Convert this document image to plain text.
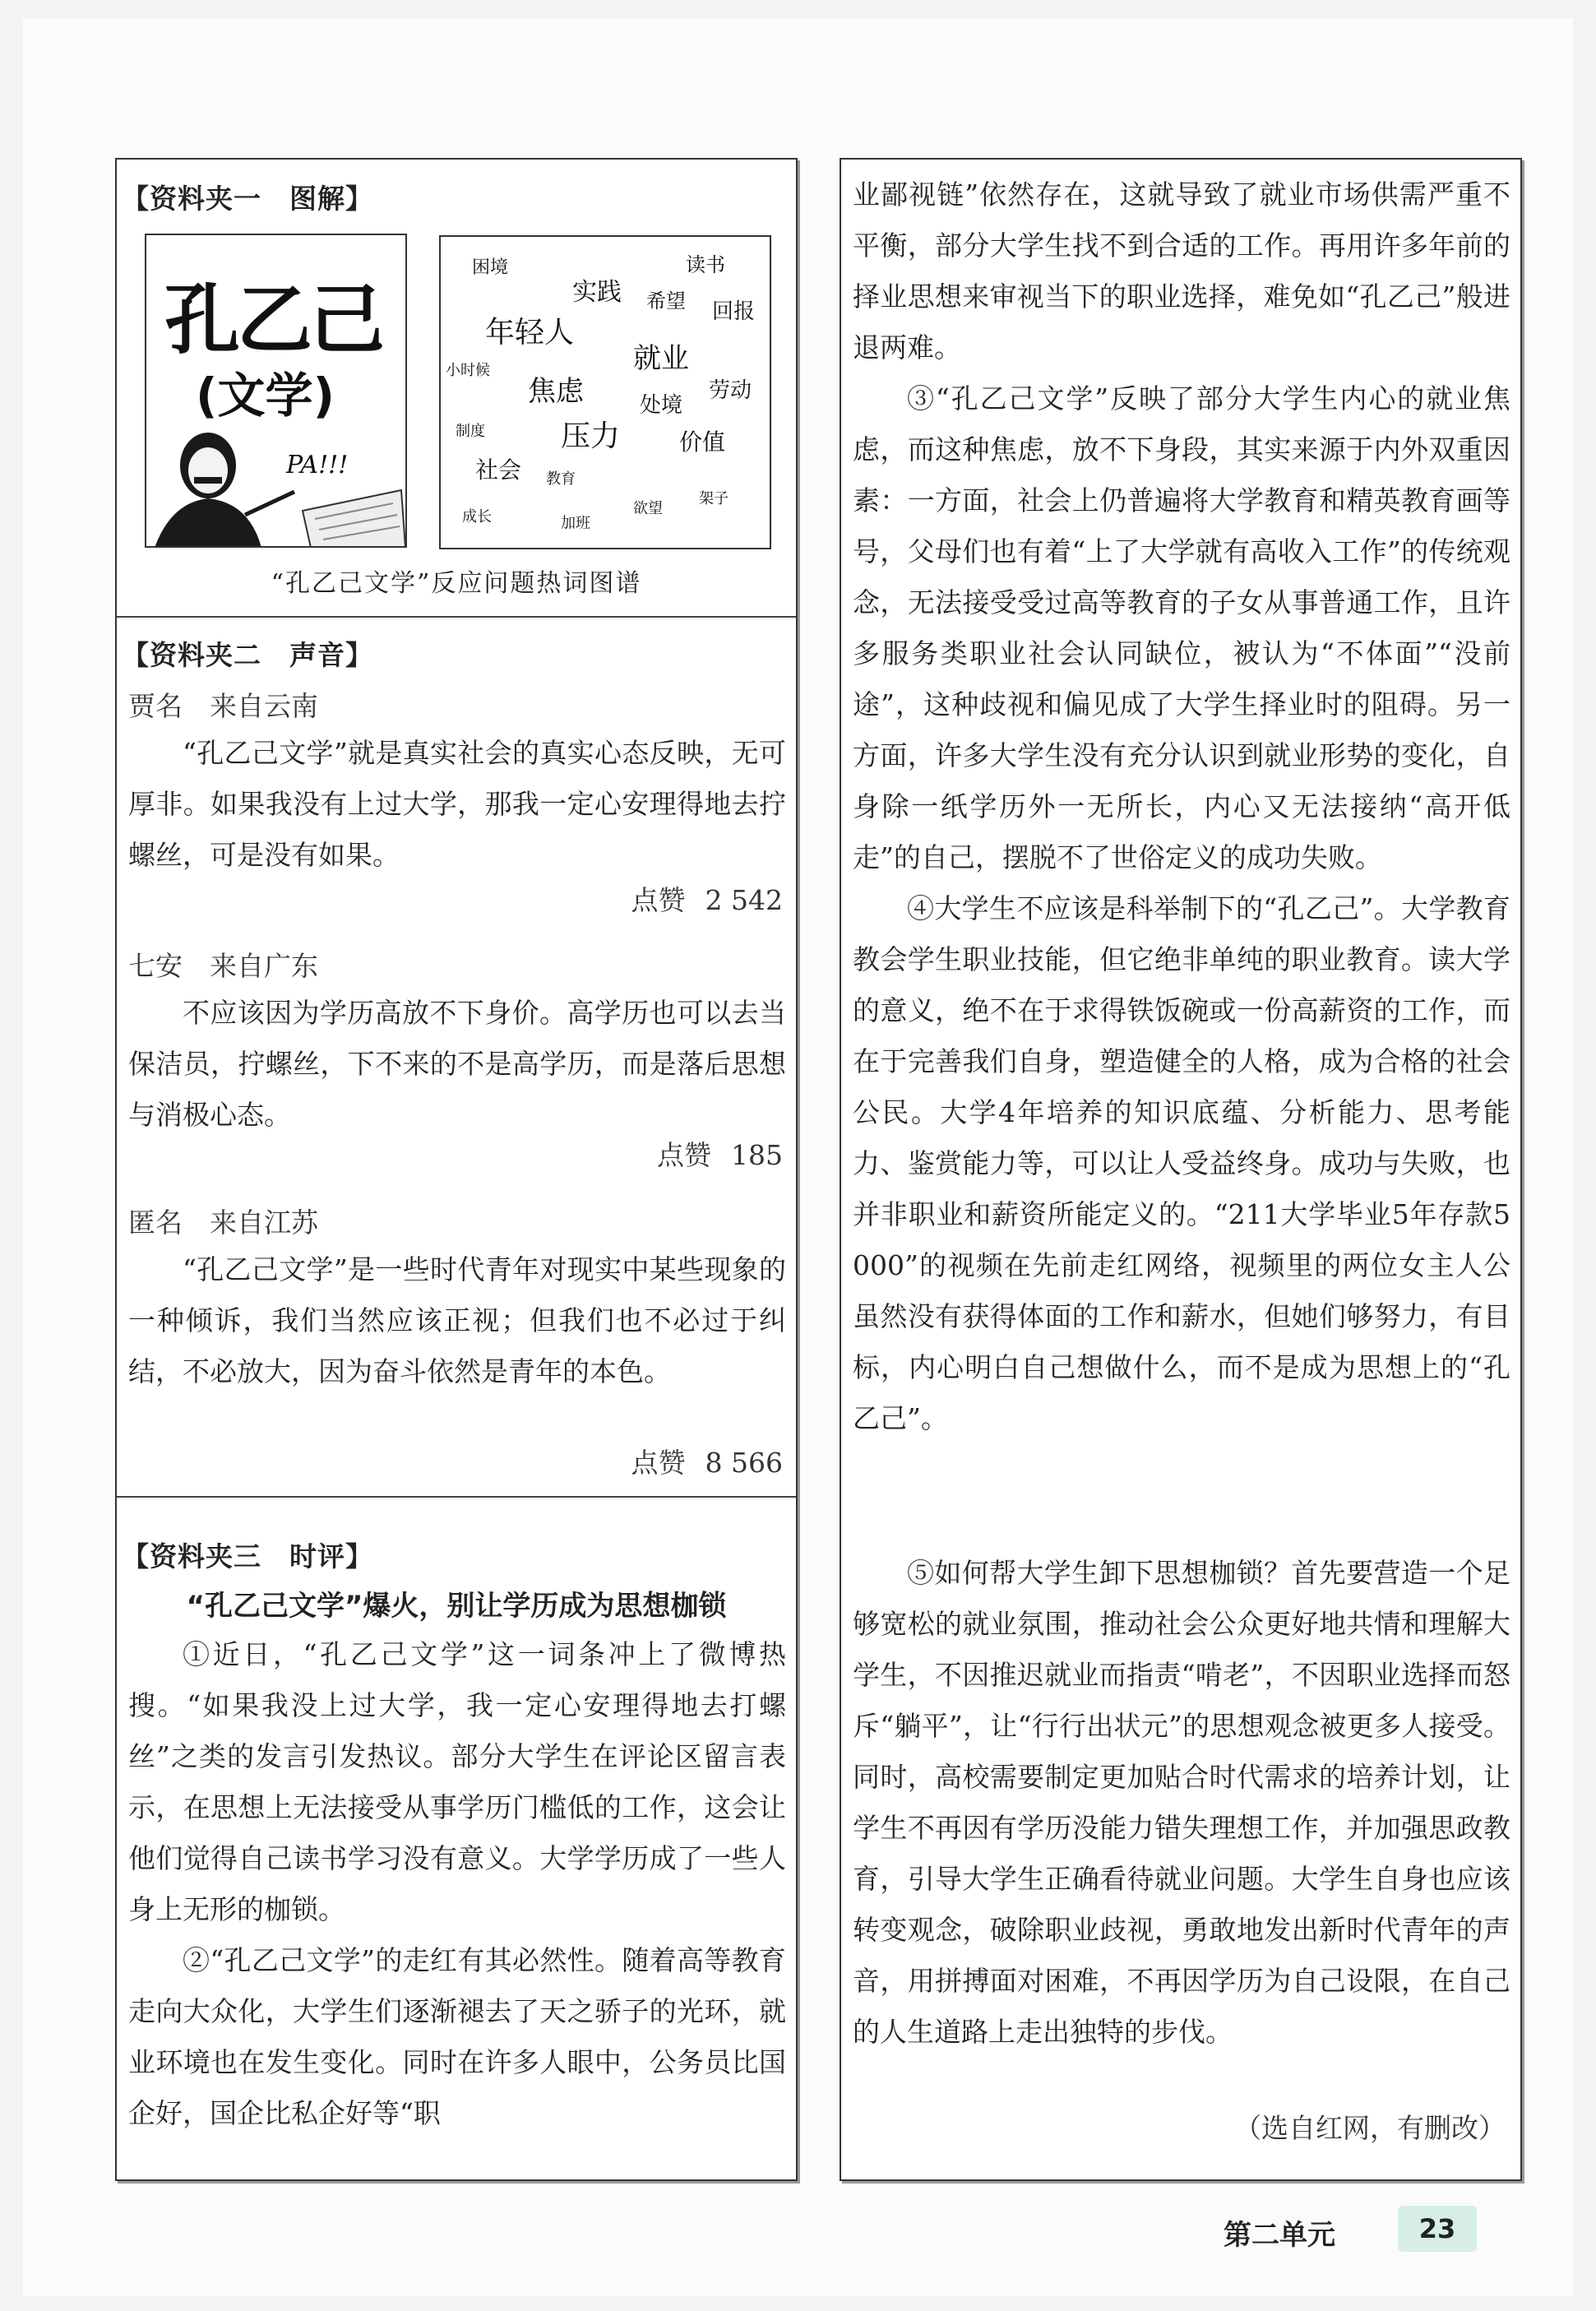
【资料夹一　图解】
孔乙己
(文学)
PA!!!
困境
实践
读书
希望 回报
年轻人
就业
小时候
焦虑	处境
劳动
制度	压力	价值
社会 教育
成长	加班
欲望
架子
“孔乙己文学”反应问题热词图谱
【资料夹二　声音】
贾名　来自云南

“孔乙己文学”就是真实社会的真实心态反映，无可厚非。如果我没有上过大学，那我一定心安理得地去拧螺丝，可是没有如果。

点赞 2 542
七安　来自广东

不应该因为学历高放不下身价。高学历也可以去当保洁员，拧螺丝，下不来的不是高学历，而是落后思想与消极心态。

点赞 185
匿名　来自江苏

“孔乙己文学”是一些时代青年对现实中某些现象的一种倾诉，我们当然应该正视；但我们也不必过于纠结，不必放大，因为奋斗依然是青年的本色。

点赞 8 566
【资料夹三　时评】
“孔乙己文学”爆火，别让学历成为思想枷锁

①近日，“孔乙己文学”这一词条冲上了微博热搜。“如果我没上过大学，我一定心安理得地去打螺丝”之类的发言引发热议。部分大学生在评论区留言表示，在思想上无法接受从事学历门槛低的工作，这会让他们觉得自己读书学习没有意义。大学学历成了一些人身上无形的枷锁。

②“孔乙己文学”的走红有其必然性。随着高等教育走向大众化，大学生们逐渐褪去了天之骄子的光环，就业环境也在发生变化。同时在许多人眼中，公务员比国企好，国企比私企好等“职

业鄙视链”依然存在，这就导致了就业市场供需严重不平衡，部分大学生找不到合适的工作。再用许多年前的择业思想来审视当下的职业选择，难免如“孔乙己”般进退两难。

③“孔乙己文学”反映了部分大学生内心的就业焦虑，而这种焦虑，放不下身段，其实来源于内外双重因素：一方面，社会上仍普遍将大学教育和精英教育画等号，父母们也有着“上了大学就有高收入工作”的传统观念，无法接受受过高等教育的子女从事普通工作，且许多服务类职业社会认同缺位，被认为“不体面”“没前途”，这种歧视和偏见成了大学生择业时的阻碍。另一方面，许多大学生没有充分认识到就业形势的变化，自身除一纸学历外一无所长，内心又无法接纳“高开低走”的自己，摆脱不了世俗定义的成功失败。

④大学生不应该是科举制下的“孔乙己”。大学教育教会学生职业技能，但它绝非单纯的职业教育。读大学的意义，绝不在于求得铁饭碗或一份高薪资的工作，而在于完善我们自身，塑造健全的人格，成为合格的社会公民。大学4年培养的知识底蕴、分析能力、思考能力、鉴赏能力等，可以让人受益终身。成功与失败，也并非职业和薪资所能定义的。“211大学毕业5年存款5 000”的视频在先前走红网络，视频里的两位女主人公虽然没有获得体面的工作和薪水，但她们够努力，有目标，内心明白自己想做什么，而不是成为思想上的“孔乙己”。

⑤如何帮大学生卸下思想枷锁？首先要营造一个足够宽松的就业氛围，推动社会公众更好地共情和理解大学生，不因推迟就业而指责“啃老”，不因职业选择而怒斥“躺平”，让“行行出状元”的思想观念被更多人接受。同时，高校需要制定更加贴合时代需求的培养计划，让学生不再因有学历没能力错失理想工作，并加强思政教育，引导大学生正确看待就业问题。大学生自身也应该转变观念，破除职业歧视，勇敢地发出新时代青年的声音，用拼搏面对困难，不再因学历为自己设限，在自己的人生道路上走出独特的步伐。

（选自红网，有删改）
第二单元	23
